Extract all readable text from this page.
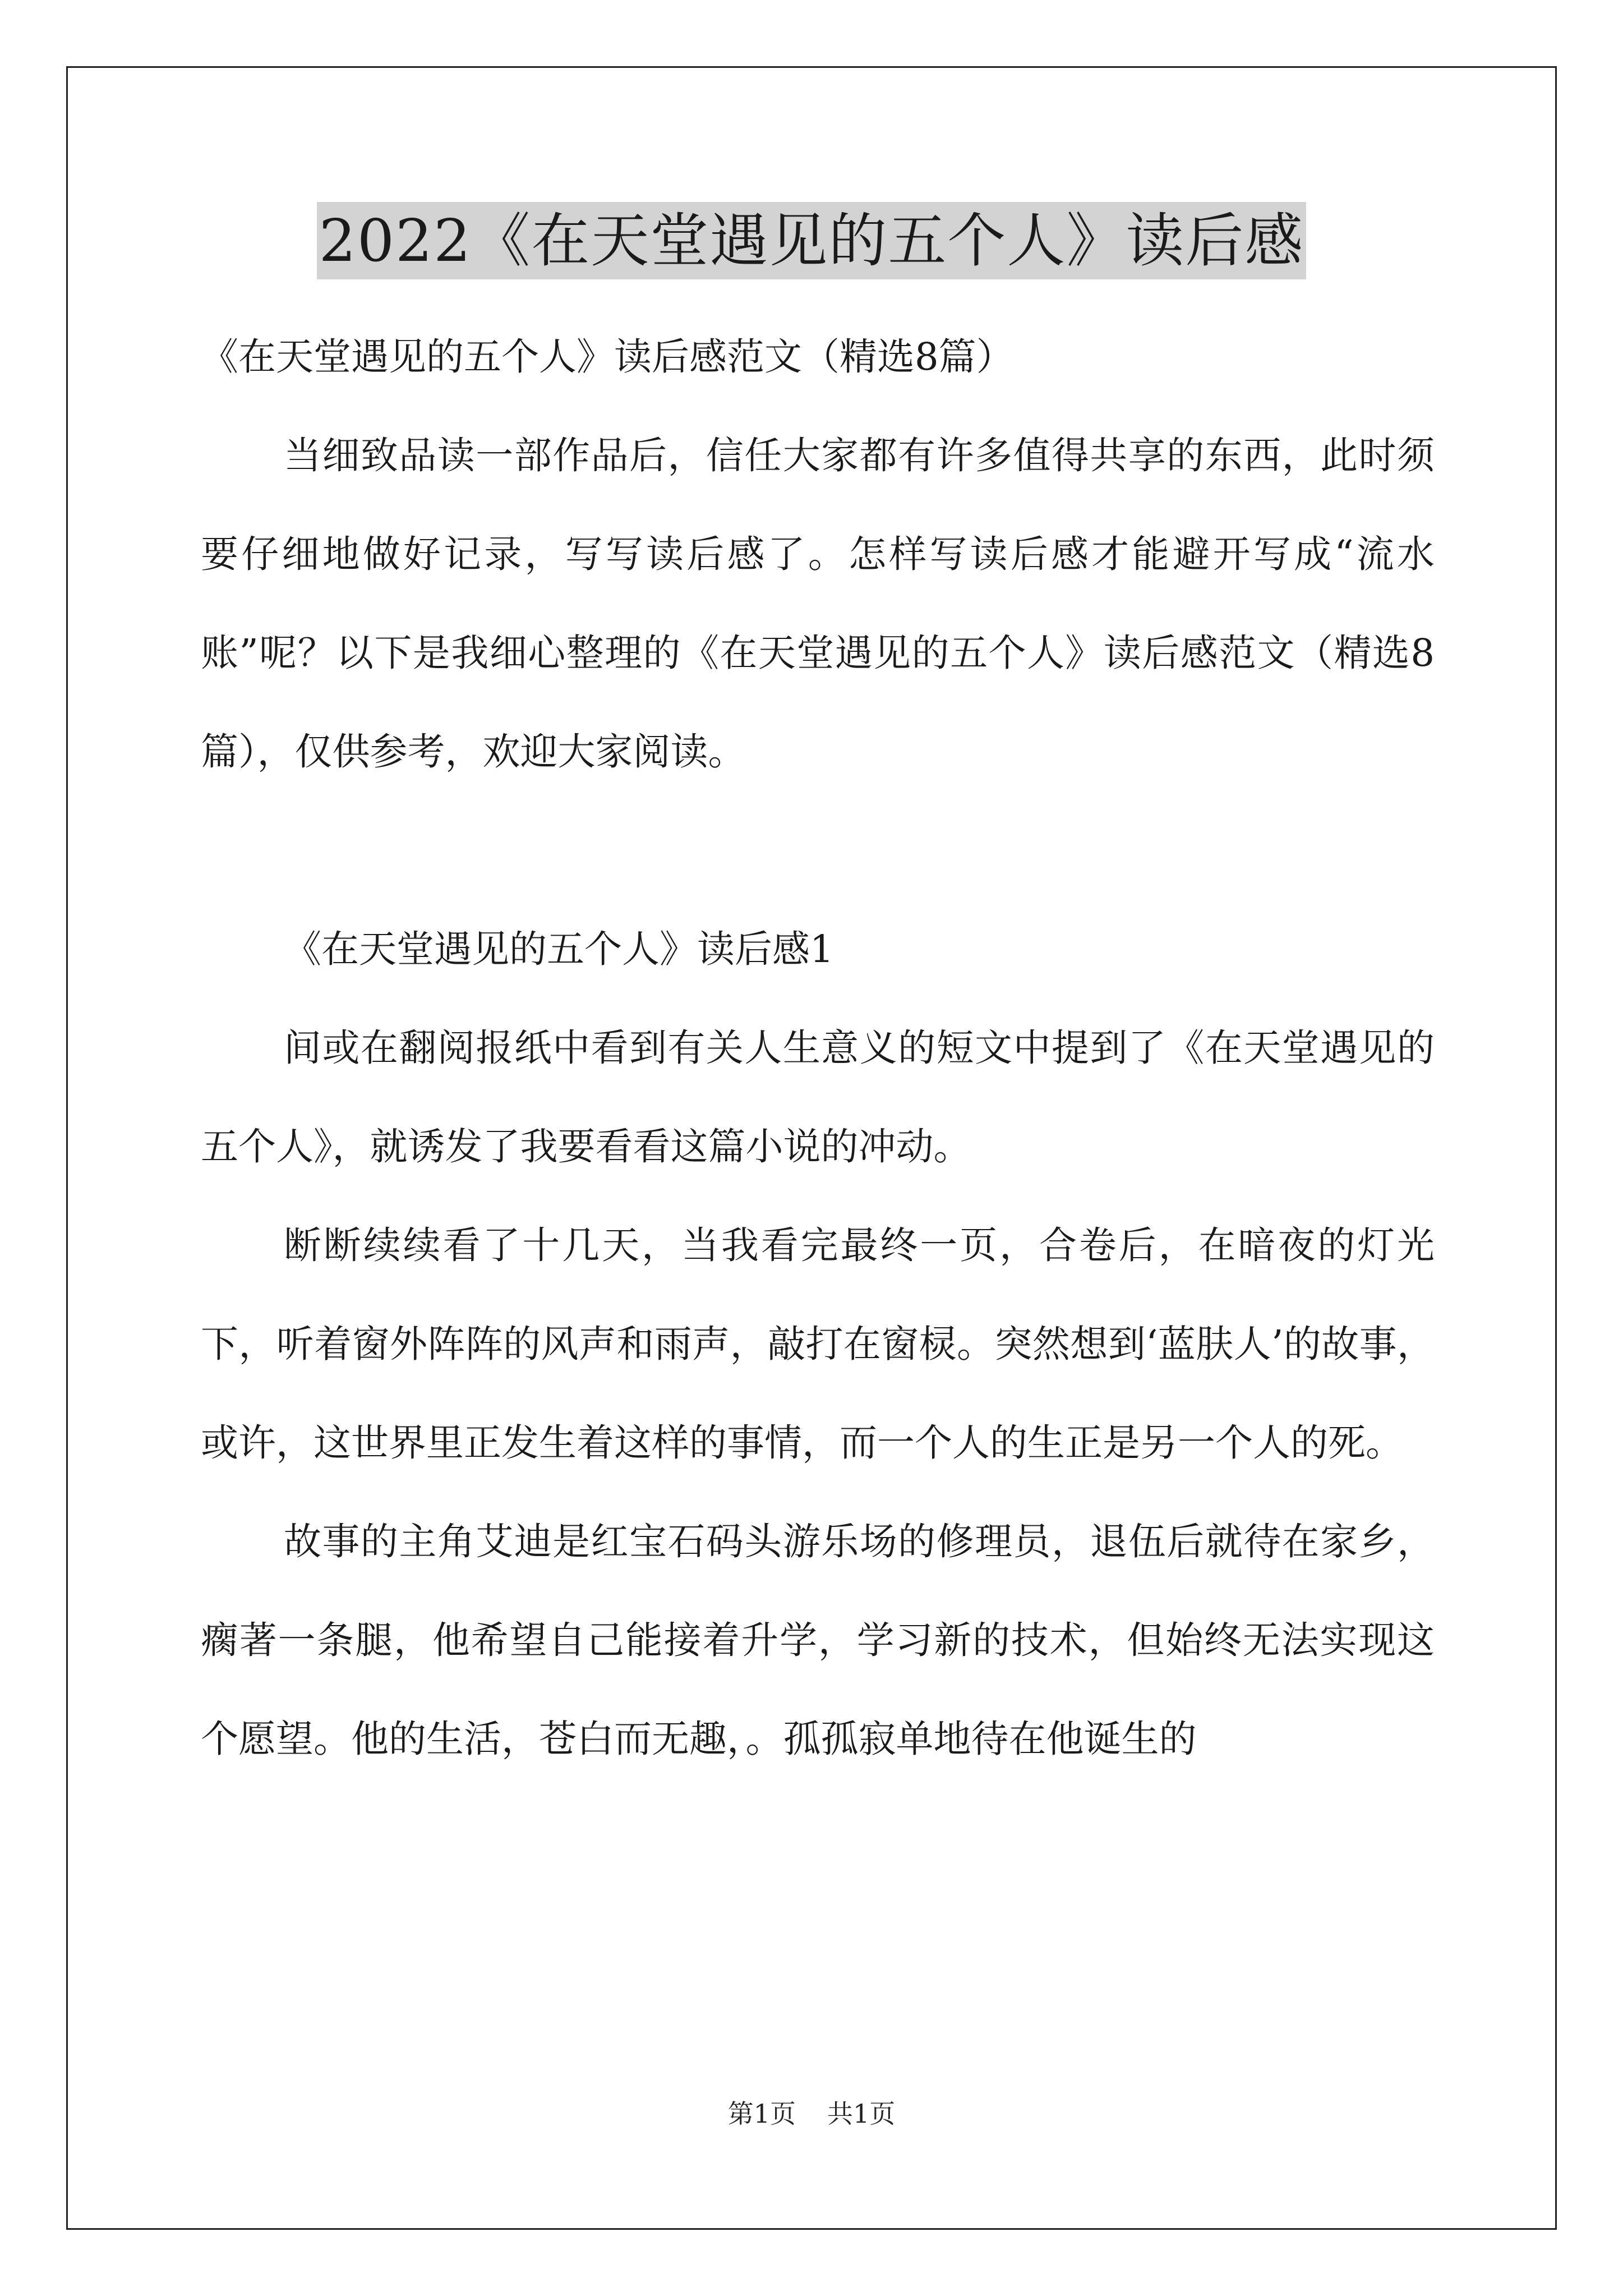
2022《在天堂遇见的五个人》读后感

《在天堂遇见的五个人》读后感范文（精选8篇）

当细致品读一部作品后，信任大家都有许多值得共享的东西，此时须要仔细地做好记录，写写读后感了。怎样写读后感才能避开写成“流水账”呢？以下是我细心整理的《在天堂遇见的五个人》读后感范文（精选8篇），仅供参考，欢迎大家阅读。

《在天堂遇见的五个人》读后感1

间或在翻阅报纸中看到有关人生意义的短文中提到了《在天堂遇见的五个人》，就诱发了我要看看这篇小说的冲动。

断断续续看了十几天，当我看完最终一页，合卷后，在暗夜的灯光下，听着窗外阵阵的风声和雨声，敲打在窗棂。突然想到‘蓝肤人’的故事，或许，这世界里正发生着这样的事情，而一个人的生正是另一个人的死。

故事的主角艾迪是红宝石码头游乐场的修理员，退伍后就待在家乡，瘸著一条腿，他希望自己能接着升学，学习新的技术，但始终无法实现这个愿望。他的生活，苍白而无趣，。孤孤寂单地待在他诞生的

第1页 共1页
